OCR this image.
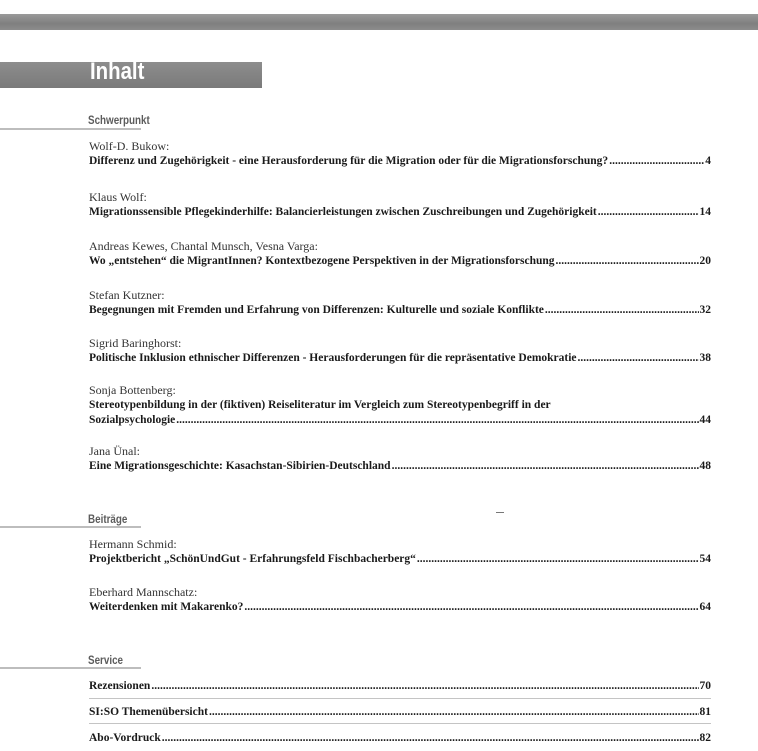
Inhalt
Schwerpunkt
Wolf-D. Bukow:
Differenz und Zugehörigkeit - eine Herausforderung für die Migration oder für die Migrationsforschung? .....	4
Klaus Wolf:
Migrationssensible Pflegekinderhilfe: Balancierleistungen zwischen Zuschreibungen und Zugehörigkeit .....	14
Andreas Kewes, Chantal Munsch, Vesna Varga:
Wo „entstehen“ die MigrantInnen? Kontextbezogene Perspektiven in der Migrationsforschung .....	20
Stefan Kutzner:
Begegnungen mit Fremden und Erfahrung von Differenzen: Kulturelle und soziale Konflikte .....	32
Sigrid Baringhorst:
Politische Inklusion ethnischer Differenzen - Herausforderungen für die repräsentative Demokratie .....	38
Sonja Bottenberg:
Stereotypenbildung in der (fiktiven) Reiseliteratur im Vergleich zum Stereotypenbegriff in der
Sozialpsychologie .....	44
Jana Ünal:
Eine Migrationsgeschichte: Kasachstan-Sibirien-Deutschland .....	48
Beiträge
Hermann Schmid:
Projektbericht „SchönUndGut - Erfahrungsfeld Fischbacherberg“ .....	54
Eberhard Mannschatz:
Weiterdenken mit Makarenko? .....	64
Service
Rezensionen .....	70
SI:SO Themenübersicht .....	81
Abo-Vordruck .....	82
